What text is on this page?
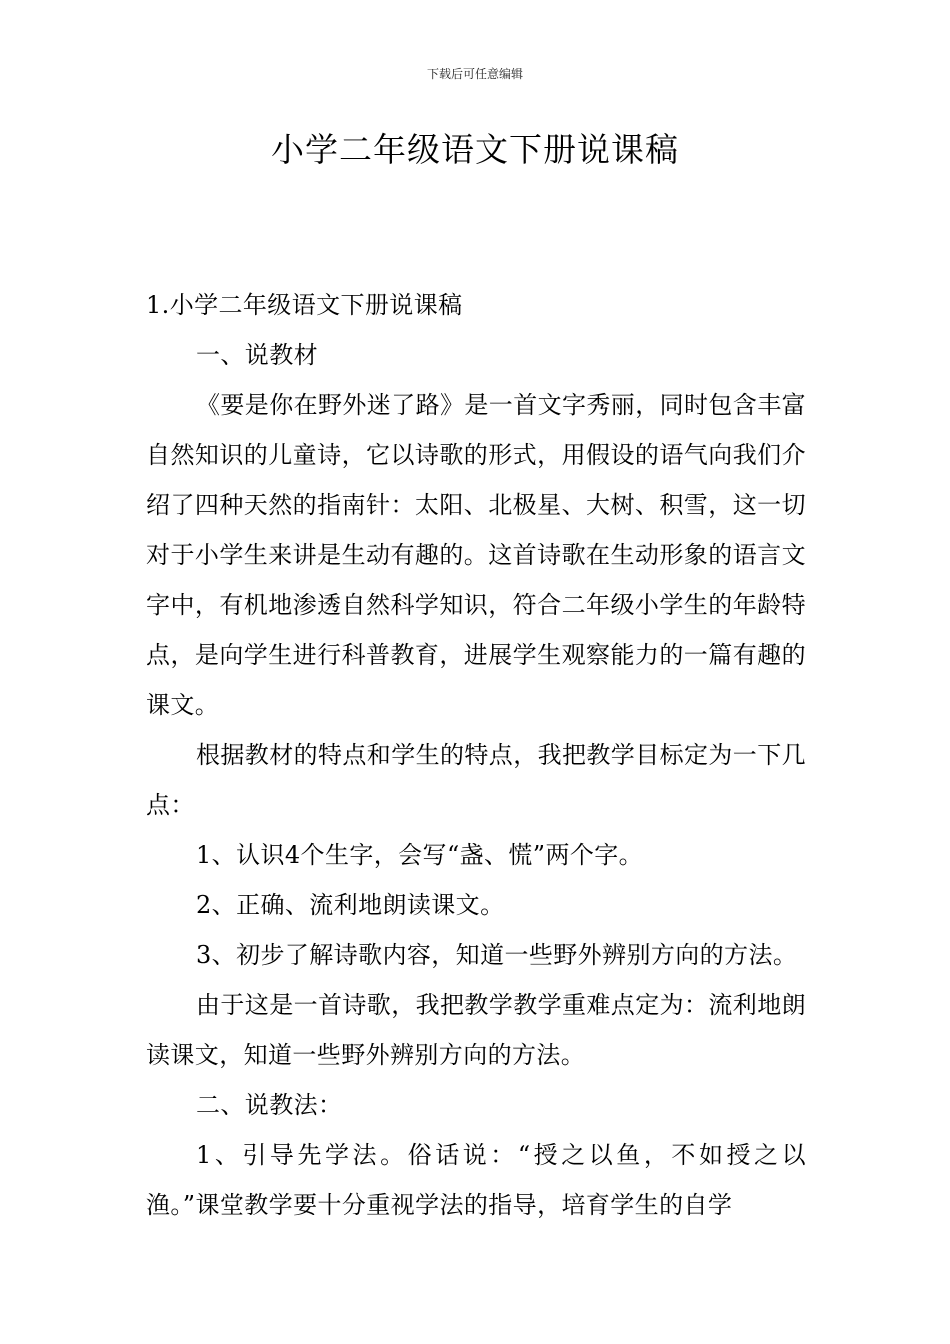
下载后可任意编辑
小学二年级语文下册说课稿

1.小学二年级语文下册说课稿

一、说教材

《要是你在野外迷了路》是一首文字秀丽，同时包含丰富自然知识的儿童诗，它以诗歌的形式，用假设的语气向我们介绍了四种天然的指南针：太阳、北极星、大树、积雪，这一切对于小学生来讲是生动有趣的。这首诗歌在生动形象的语言文字中，有机地渗透自然科学知识，符合二年级小学生的年龄特点，是向学生进行科普教育，进展学生观察能力的一篇有趣的课文。

根据教材的特点和学生的特点，我把教学目标定为一下几点：

1、认识4个生字，会写“盏、慌”两个字。

2、正确、流利地朗读课文。

3、初步了解诗歌内容，知道一些野外辨别方向的方法。

由于这是一首诗歌，我把教学教学重难点定为：流利地朗读课文，知道一些野外辨别方向的方法。

二、说教法：

1、引导先学法。俗话说：“授之以鱼，不如授之以渔。”课堂教学要十分重视学法的指导，培育学生的自学
